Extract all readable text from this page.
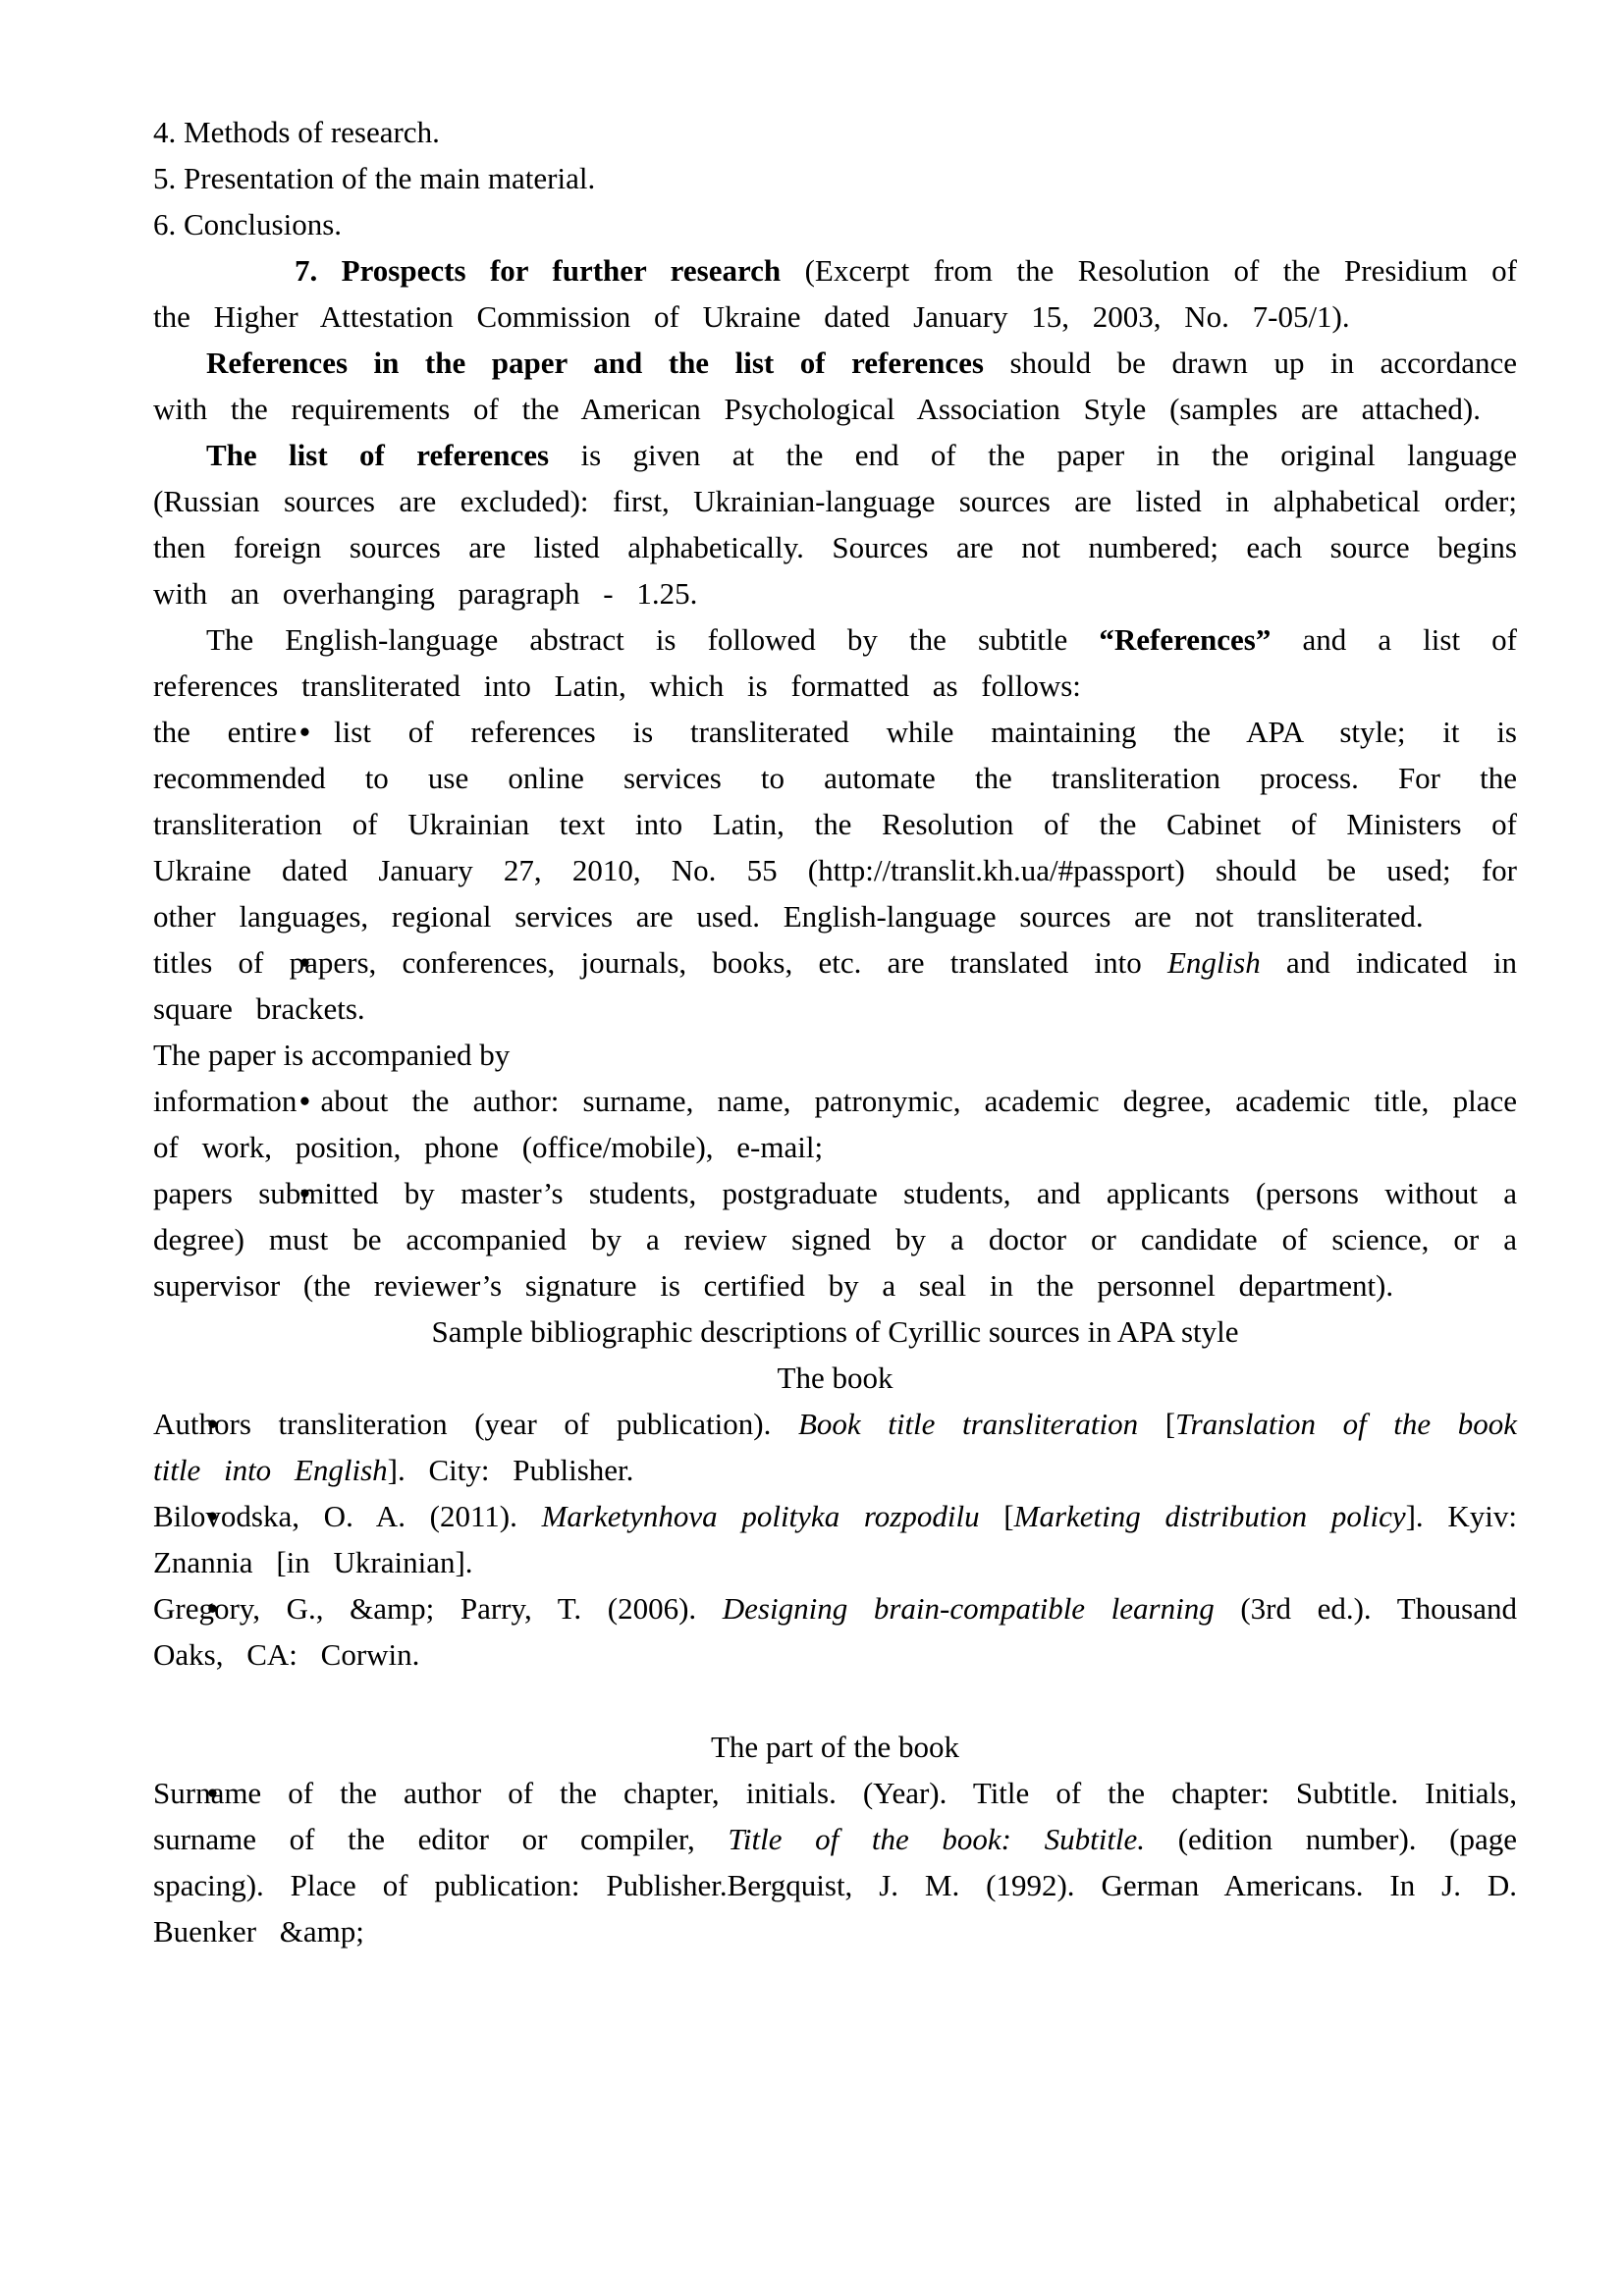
4. Methods of research.
5. Presentation of the main material.
6. Conclusions.

7. Prospects for further research (Excerpt from the Resolution of the Presidium of the Higher Attestation Commission of Ukraine dated January 15, 2003, No. 7-05/1).

References in the paper and the list of references should be drawn up in accordance with the requirements of the American Psychological Association Style (samples are attached).

The list of references is given at the end of the paper in the original language (Russian sources are excluded): first, Ukrainian-language sources are listed in alphabetical order; then foreign sources are listed alphabetically. Sources are not numbered; each source begins with an overhanging paragraph - 1.25.

The English-language abstract is followed by the subtitle “References” and a list of references transliterated into Latin, which is formatted as follows:

• the entire list of references is transliterated while maintaining the APA style; it is recommended to use online services to automate the transliteration process. For the transliteration of Ukrainian text into Latin, the Resolution of the Cabinet of Ministers of Ukraine dated January 27, 2010, No. 55 (http://translit.kh.ua/#passport) should be used; for other languages, regional services are used. English-language sources are not transliterated.
• titles of papers, conferences, journals, books, etc. are translated into English and indicated in square brackets.
The paper is accompanied by
• information about the author: surname, name, patronymic, academic degree, academic title, place of work, position, phone (office/mobile), e-mail;
• papers submitted by master’s students, postgraduate students, and applicants (persons without a degree) must be accompanied by a review signed by a doctor or candidate of science, or a supervisor (the reviewer’s signature is certified by a seal in the personnel department).
Sample bibliographic descriptions of Cyrillic sources in APA style
The book
• Authors transliteration (year of publication). Book title transliteration [Translation of the book title into English]. City: Publisher.
• Bilovodska, O. A. (2011). Marketynhova polityka rozpodilu [Marketing distribution policy]. Kyiv: Znannia [in Ukrainian].
• Gregory, G., &amp; Parry, T. (2006). Designing brain-compatible learning (3rd ed.). Thousand Oaks, CA: Corwin.
The part of the book
• Surname of the author of the chapter, initials. (Year). Title of the chapter: Subtitle. Initials, surname of the editor or compiler, Title of the book: Subtitle. (edition number). (page spacing). Place of publication: Publisher.Bergquist, J. M. (1992). German Americans. In J. D. Buenker &amp;
